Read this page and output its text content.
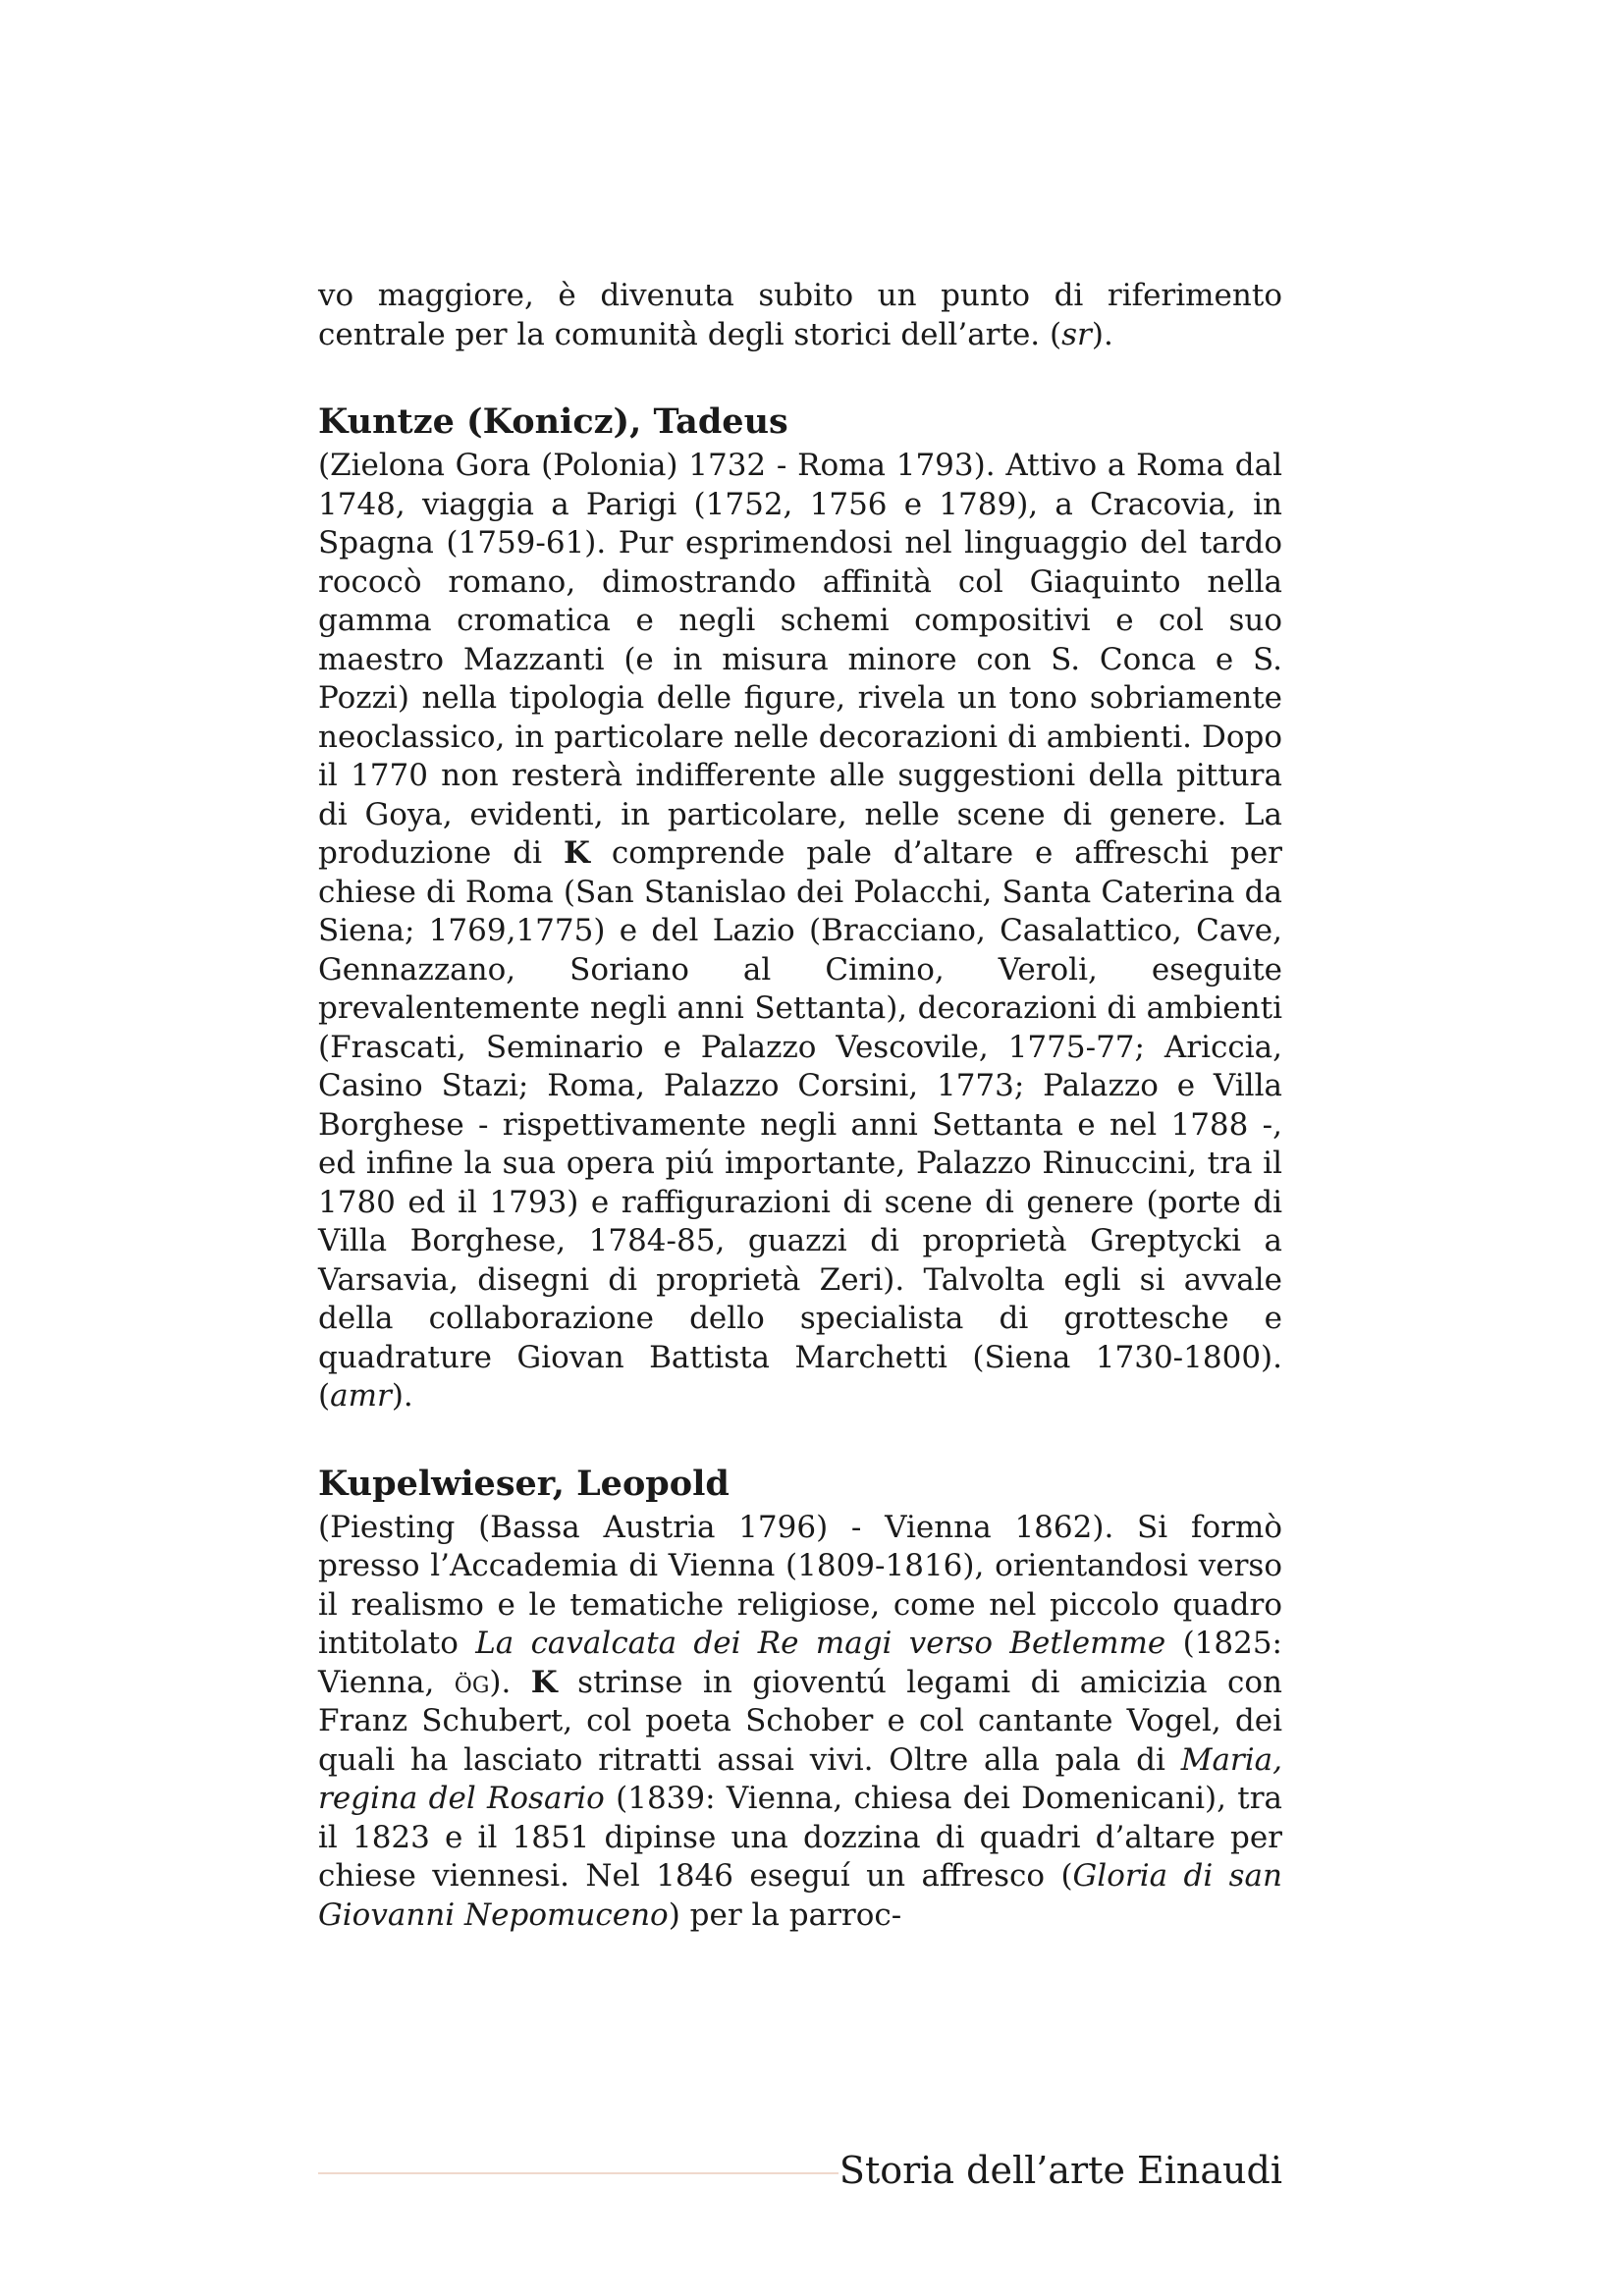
vo maggiore, è divenuta subito un punto di riferimento centrale per la comunità degli storici dell’arte. (sr).

Kuntze (Konicz), Tadeus

(Zielona Gora (Polonia) 1732 - Roma 1793). Attivo a Roma dal 1748, viaggia a Parigi (1752, 1756 e 1789), a Cracovia, in Spagna (1759-61). Pur esprimendosi nel linguaggio del tardo rococò romano, dimostrando affinità col Giaquinto nella gamma cromatica e negli schemi compositivi e col suo maestro Mazzanti (e in misura minore con S. Conca e S. Pozzi) nella tipologia delle figure, rivela un tono sobriamente neoclassico, in particolare nelle decorazioni di ambienti. Dopo il 1770 non resterà indifferente alle suggestioni della pittura di Goya, evidenti, in particolare, nelle scene di genere. La produzione di K comprende pale d’altare e affreschi per chiese di Roma (San Stanislao dei Polacchi, Santa Caterina da Siena; 1769,1775) e del Lazio (Bracciano, Casalattico, Cave, Gennazzano, Soriano al Cimino, Veroli, eseguite prevalentemente negli anni Settanta), decorazioni di ambienti (Frascati, Seminario e Palazzo Vescovile, 1775-77; Ariccia, Casino Stazi; Roma, Palazzo Corsini, 1773; Palazzo e Villa Borghese - rispettivamente negli anni Settanta e nel 1788 -, ed infine la sua opera piú importante, Palazzo Rinuccini, tra il 1780 ed il 1793) e raffigurazioni di scene di genere (porte di Villa Borghese, 1784-85, guazzi di proprietà Greptycki a Varsavia, disegni di proprietà Zeri). Talvolta egli si avvale della collaborazione dello specialista di grottesche e quadrature Giovan Battista Marchetti (Siena 1730-1800). (amr).

Kupelwieser, Leopold

(Piesting (Bassa Austria 1796) - Vienna 1862). Si formò presso l’Accademia di Vienna (1809-1816), orientandosi verso il realismo e le tematiche religiose, come nel piccolo quadro intitolato La cavalcata dei Re magi verso Betlemme (1825: Vienna, ög). K strinse in gioventú legami di amicizia con Franz Schubert, col poeta Schober e col cantante Vogel, dei quali ha lasciato ritratti assai vivi. Oltre alla pala di Maria, regina del Rosario (1839: Vienna, chiesa dei Domenicani), tra il 1823 e il 1851 dipinse una dozzina di quadri d’altare per chiese viennesi. Nel 1846 eseguí un affresco (Gloria di san Giovanni Nepomuceno) per la parroc-

Storia dell’arte Einaudi
